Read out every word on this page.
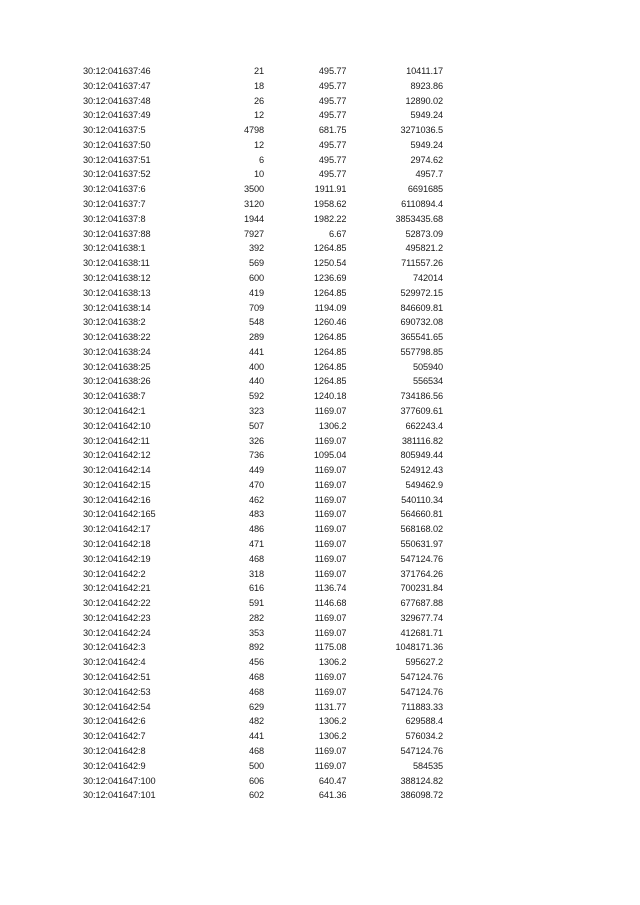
30:12:041637:46	21	495.77	10411.17
30:12:041637:47	18	495.77	8923.86
30:12:041637:48	26	495.77	12890.02
30:12:041637:49	12	495.77	5949.24
30:12:041637:5	4798	681.75	3271036.5
30:12:041637:50	12	495.77	5949.24
30:12:041637:51	6	495.77	2974.62
30:12:041637:52	10	495.77	4957.7
30:12:041637:6	3500	1911.91	6691685
30:12:041637:7	3120	1958.62	6110894.4
30:12:041637:8	1944	1982.22	3853435.68
30:12:041637:88	7927	6.67	52873.09
30:12:041638:1	392	1264.85	495821.2
30:12:041638:11	569	1250.54	711557.26
30:12:041638:12	600	1236.69	742014
30:12:041638:13	419	1264.85	529972.15
30:12:041638:14	709	1194.09	846609.81
30:12:041638:2	548	1260.46	690732.08
30:12:041638:22	289	1264.85	365541.65
30:12:041638:24	441	1264.85	557798.85
30:12:041638:25	400	1264.85	505940
30:12:041638:26	440	1264.85	556534
30:12:041638:7	592	1240.18	734186.56
30:12:041642:1	323	1169.07	377609.61
30:12:041642:10	507	1306.2	662243.4
30:12:041642:11	326	1169.07	381116.82
30:12:041642:12	736	1095.04	805949.44
30:12:041642:14	449	1169.07	524912.43
30:12:041642:15	470	1169.07	549462.9
30:12:041642:16	462	1169.07	540110.34
30:12:041642:165	483	1169.07	564660.81
30:12:041642:17	486	1169.07	568168.02
30:12:041642:18	471	1169.07	550631.97
30:12:041642:19	468	1169.07	547124.76
30:12:041642:2	318	1169.07	371764.26
30:12:041642:21	616	1136.74	700231.84
30:12:041642:22	591	1146.68	677687.88
30:12:041642:23	282	1169.07	329677.74
30:12:041642:24	353	1169.07	412681.71
30:12:041642:3	892	1175.08	1048171.36
30:12:041642:4	456	1306.2	595627.2
30:12:041642:51	468	1169.07	547124.76
30:12:041642:53	468	1169.07	547124.76
30:12:041642:54	629	1131.77	711883.33
30:12:041642:6	482	1306.2	629588.4
30:12:041642:7	441	1306.2	576034.2
30:12:041642:8	468	1169.07	547124.76
30:12:041642:9	500	1169.07	584535
30:12:041647:100	606	640.47	388124.82
30:12:041647:101	602	641.36	386098.72
